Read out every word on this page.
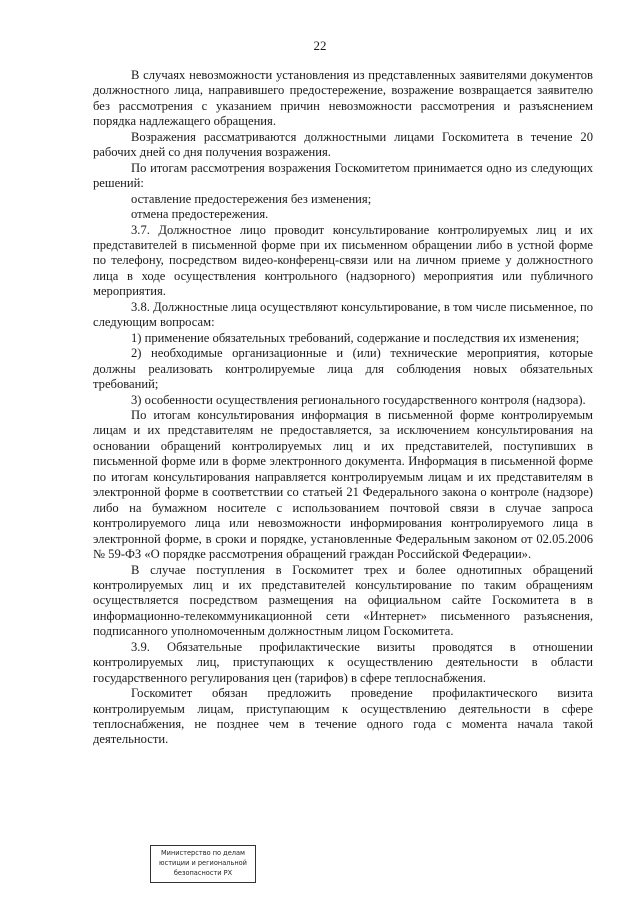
22

В случаях невозможности установления из представленных заявителями документов должностного лица, направившего предостережение, возражение возвращается заявителю без рассмотрения с указанием причин невозможности рассмотрения и разъяснением порядка надлежащего обращения.

Возражения рассматриваются должностными лицами Госкомитета в течение 20 рабочих дней со дня получения возражения.

По итогам рассмотрения возражения Госкомитетом принимается одно из следующих решений:

оставление предостережения без изменения;

отмена предостережения.

3.7. Должностное лицо проводит консультирование контролируемых лиц и их представителей в письменной форме при их письменном обращении либо в устной форме по телефону, посредством видео-конференц-связи или на личном приеме у должностного лица в ходе осуществления контрольного (надзорного) мероприятия или публичного мероприятия.

3.8. Должностные лица осуществляют консультирование, в том числе письменное, по следующим вопросам:

1) применение обязательных требований, содержание и последствия их изменения;

2) необходимые организационные и (или) технические мероприятия, которые должны реализовать контролируемые лица для соблюдения новых обязательных требований;

3) особенности осуществления регионального государственного контроля (надзора).

По итогам консультирования информация в письменной форме контролируемым лицам и их представителям не предоставляется, за исключением консультирования на основании обращений контролируемых лиц и их представителей, поступивших в письменной форме или в форме электронного документа. Информация в письменной форме по итогам консультирования направляется контролируемым лицам и их представителям в электронной форме в соответствии со статьей 21 Федерального закона о контроле (надзоре) либо на бумажном носителе с использованием почтовой связи в случае запроса контролируемого лица или невозможности информирования контролируемого лица в электронной форме, в сроки и порядке, установленные Федеральным законом от 02.05.2006 № 59-ФЗ «О порядке рассмотрения обращений граждан Российской Федерации».

В случае поступления в Госкомитет трех и более однотипных обращений контролируемых лиц и их представителей консультирование по таким обращениям осуществляется посредством размещения на официальном сайте Госкомитета в в информационно-телекоммуникационной сети «Интернет» письменного разъяснения, подписанного уполномоченным должностным лицом Госкомитета.

3.9. Обязательные профилактические визиты проводятся в отношении контролируемых лиц, приступающих к осуществлению деятельности в области государственного регулирования цен (тарифов) в сфере теплоснабжения.

Госкомитет обязан предложить проведение профилактического визита контролируемым лицам, приступающим к осуществлению деятельности в сфере теплоснабжения, не позднее чем в течение одного года с момента начала такой деятельности.

Министерство по делам
юстиции и региональной
безопасности РХ
